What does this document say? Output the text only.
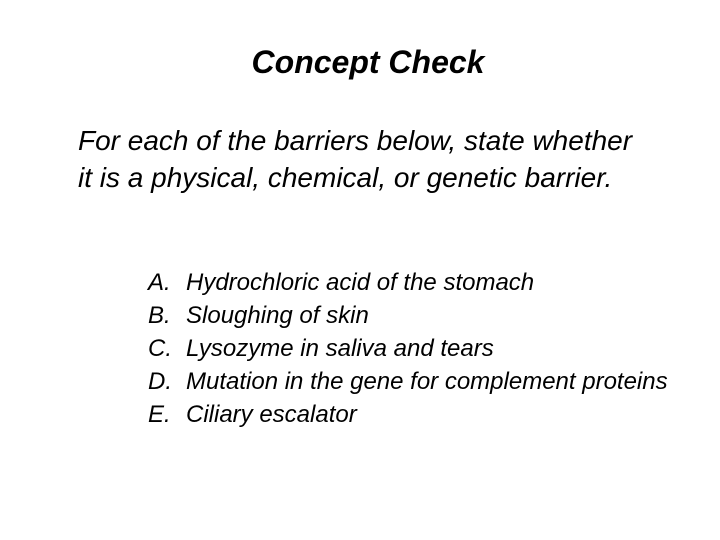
Concept Check

For each of the barriers below, state whether it is a physical, chemical, or genetic barrier.

A. Hydrochloric acid of the stomach
B. Sloughing of skin
C. Lysozyme in saliva and tears
D. Mutation in the gene for complement proteins
E. Ciliary escalator
